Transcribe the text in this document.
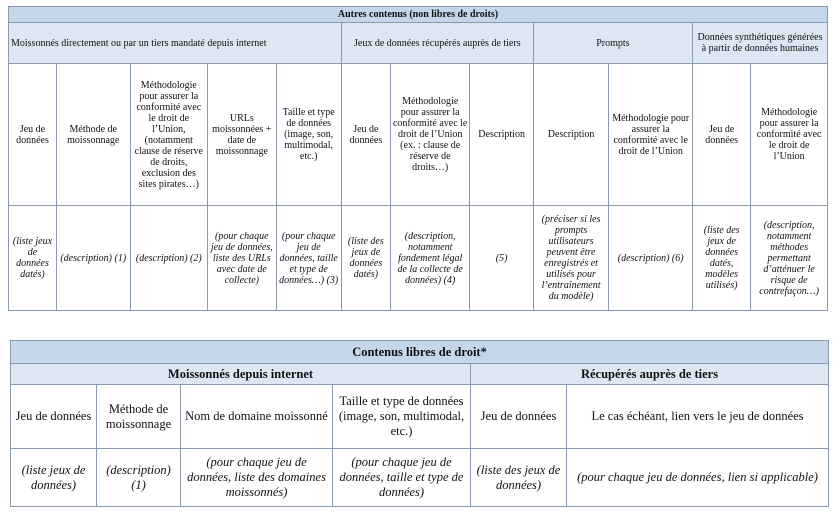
Autres contenus (non libres de droits)											
Moissonnés directement ou par un tiers mandaté depuis internet					Jeux de données récupérés auprès de tiers			Prompts		Données synthétiques générées à partir de données humaines	
Jeu de données	Méthode de moissonnage	Méthodologie pour assurer la conformité avec le droit de l’Union, (notamment clause de réserve de droits, exclusion des sites pirates…)	URLs moissonnées + date de moissonnage	Taille et type de données (image, son, multimodal, etc.)	Jeu de données	Méthodologie pour assurer la conformité avec le droit de l’Union (ex. : clause de réserve de droits…)	Description	Description	Méthodologie pour assurer la conformité avec le droit de l’Union	Jeu de données	Méthodologie pour assurer la conformité avec le droit de l’Union
(liste jeux de données datés)	(description) (1)	(description) (2)	(pour chaque jeu de données, liste des URLs avec date de collecte)	(pour chaque jeu de données, taille et type de données…) (3)	(liste des jeux de données datés)	(description, notamment fondement légal de la collecte de données) (4)	(5)	(préciser si les prompts utilisateurs peuvent être enregistrés et utilisés pour l’entraînement du modèle)	(description) (6)	(liste des jeux de données datés, modèles utilisés)	(description, notamment méthodes permettant d’atténuer le risque de contrefaçon…)
Contenus libres de droit*					
Moissonnés depuis internet				Récupérés auprès de tiers	
Jeu de données	Méthode de moissonnage	Nom de domaine moissonné	Taille et type de données (image, son, multimodal, etc.)	Jeu de données	Le cas échéant, lien vers le jeu de données
(liste jeux de données)	(description) (1)	(pour chaque jeu de données, liste des domaines moissonnés)	(pour chaque jeu de données, taille et type de données)	(liste des jeux de données)	(pour chaque jeu de données, lien si applicable)
